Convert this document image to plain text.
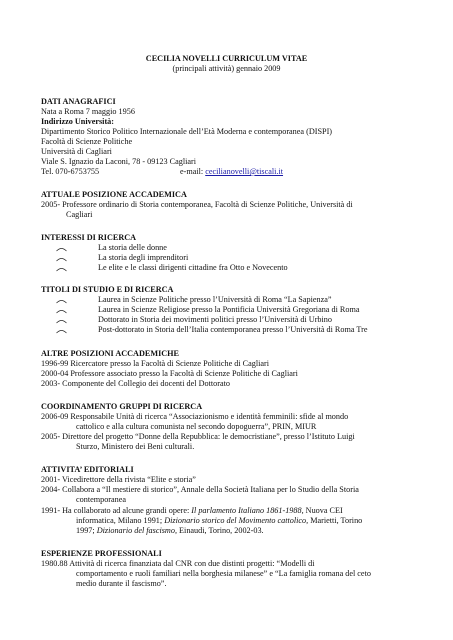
CECILIA NOVELLI CURRICULUM VITAE
(principali attività) gennaio 2009
DATI ANAGRAFICI
Nata a Roma 7 maggio 1956
Indirizzo Università:
Dipartimento Storico Politico Internazionale dell’Età Moderna e contemporanea (DISPI)
Facoltà di Scienze Politiche
Università di Cagliari
Viale S. Ignazio da Laconi, 78 - 09123 Cagliari
Tel. 070-6753755	e-mail: cecilianovelli@tiscali.it
ATTUALE POSIZIONE ACCADEMICA
2005- Professore ordinario di Storia contemporanea, Facoltà di Scienze Politiche, Università di
Cagliari
INTERESSI DI RICERCA
La storia delle donne
La storia degli imprenditori
Le elite e le classi dirigenti cittadine fra Otto e Novecento
TITOLI DI STUDIO E DI RICERCA
Laurea in Scienze Politiche presso l’Università di Roma “La Sapienza”
Laurea in Scienze Religiose presso la Pontificia Università Gregoriana di Roma
Dottorato in Storia dei movimenti politici presso l’Università di Urbino
Post-dottorato in Storia dell’Italia contemporanea presso l’Università di Roma Tre
ALTRE POSIZIONI ACCADEMICHE
1996-99 Ricercatore presso la Facoltà di Scienze Politiche di Cagliari
2000-04 Professore associato presso la Facoltà di Scienze Politiche di Cagliari
2003- Componente del Collegio dei docenti del Dottorato
COORDINAMENTO GRUPPI DI RICERCA
2006-09 Responsabile Unità di ricerca “Associazionismo e identità femminili: sfide al mondo
cattolico e alla cultura comunista nel secondo dopoguerra”, PRIN, MIUR
2005- Direttore del progetto “Donne della Repubblica: le democristiane”, presso l’Istituto Luigi
Sturzo, Ministero dei Beni culturali.
ATTIVITA’ EDITORIALI
2001- Vicedirettore della rivista “Elite e storia”
2004- Collabora a “Il mestiere di storico”, Annale della Società Italiana per lo Studio della Storia
contemporanea
1991- Ha collaborato ad alcune grandi opere: Il parlamento Italiano 1861-1988, Nuova CEI
informatica, Milano 1991; Dizionario storico del Movimento cattolico, Marietti, Torino
1997; Dizionario del fascismo, Einaudi, Torino, 2002-03.
ESPERIENZE PROFESSIONALI
1980.88 Attività di ricerca finanziata dal CNR con due distinti progetti: “Modelli di
comportamento e ruoli familiari nella borghesia milanese” e “La famiglia romana del ceto
medio durante il fascismo”.
